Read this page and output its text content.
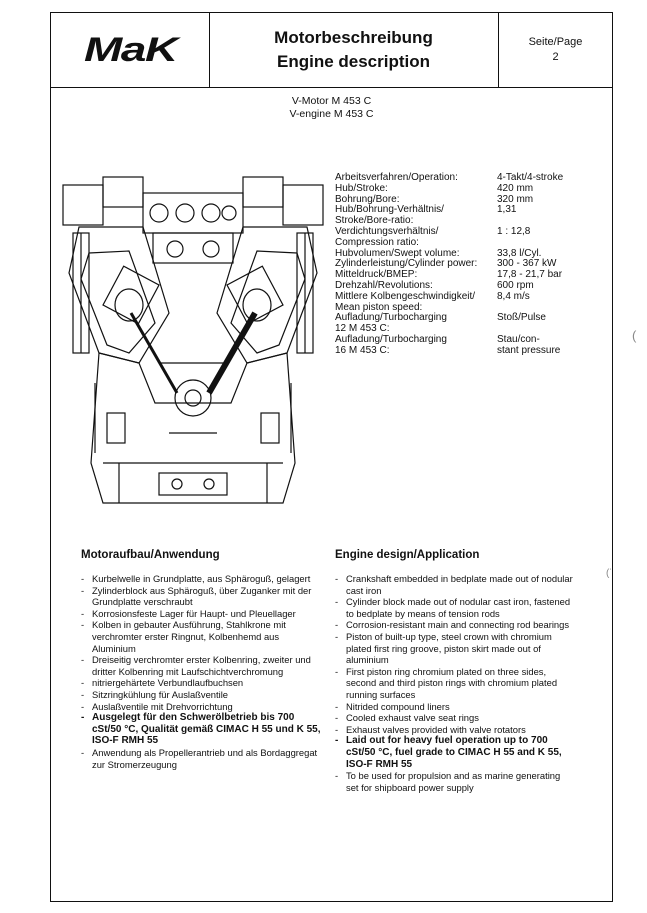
MaK	Motorbeschreibung
Engine description
Seite/Page
2
V-Motor M 453 C
V-engine M 453 C
Arbeitsverfahren/Operation:	4-Takt/4-stroke
Hub/Stroke:	420 mm
Bohrung/Bore:	320 mm
Hub/Bohrung-Verhältnis/	1,31
Stroke/Bore-ratio:
Verdichtungsverhältnis/	1 : 12,8
Compression ratio:
Hubvolumen/Swept volume:	33,8 l/Cyl.
Zylinderleistung/Cylinder power:	300 - 367 kW
Mitteldruck/BMEP:	17,8 - 21,7 bar
Drehzahl/Revolutions:	600 rpm
Mittlere Kolbengeschwindigkeit/	8,4 m/s
Mean piston speed:
Aufladung/Turbocharging	Stoß/Pulse
12 M 453 C:
Aufladung/Turbocharging	Stau/con-
16 M 453 C:	stant pressure
Motoraufbau/Anwendung	Engine design/Application
- Kurbelwelle in Grundplatte, aus Sphäroguß, gelagert
- Zylinderblock aus Sphäroguß, über Zuganker mit der Grundplatte verschraubt
- Korrosionsfeste Lager für Haupt- und Pleuellager
- Kolben in gebauter Ausführung, Stahlkrone mit verchromter erster Ringnut, Kolbenhemd aus Aluminium
- Dreiseitig verchromter erster Kolbenring, zweiter und dritter Kolbenring mit Laufschichtverchromung
- nitriergehärtete Verbundlaufbuchsen
- Sitzringkühlung für Auslaßventile
- Auslaßventile mit Drehvorrichtung
- Ausgelegt für den Schwerölbetrieb bis 700 cSt/50 °C, Qualität gemäß CIMAC H 55 und K 55, ISO-F RMH 55
- Anwendung als Propellerantrieb und als Bordaggregat zur Stromerzeugung
- Crankshaft embedded in bedplate made out of nodular cast iron
- Cylinder block made out of nodular cast iron, fastened to bedplate by means of tension rods
- Corrosion-resistant main and connecting rod bearings
- Piston of built-up type, steel crown with chromium plated first ring groove, piston skirt made out of aluminium
- First piston ring chromium plated on three sides, second and third piston rings with chromium plated running surfaces
- Nitrided compound liners
- Cooled exhaust valve seat rings
- Exhaust valves provided with valve rotators
- Laid out for heavy fuel operation up to 700 cSt/50 °C, fuel grade to CIMAC H 55 and K 55, ISO-F RMH 55
- To be used for propulsion and as marine generating set for shipboard power supply
(
(˙
